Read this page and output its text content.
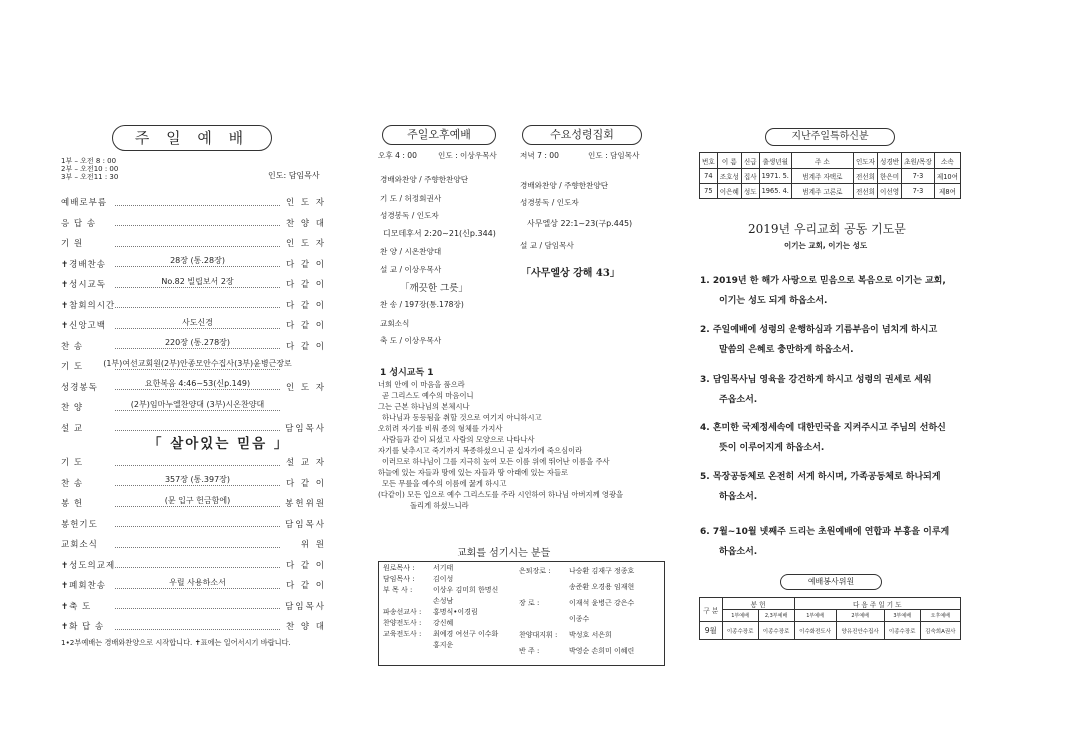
주 일 예 배
1부 – 오전 8 : 00
2부 – 오전10 : 00
3부 – 오전11 : 30	인도: 담임목사
예배로부름	인 도 자
응 답 송	찬 양 대
기 원	인 도 자
✝경배찬송	28장 (통.28장)	다 같 이
✝성시교독	No.82 빌립보서 2장	다 같 이
✝참회의시간	다 같 이
✝신앙고백	사도신경	다 같 이
찬 송	220장 (통.278장)	다 같 이
기 도	(1부)여선교회원(2부)안종모안수집사(3부)윤병근장로
성경봉독	요한복음 4:46~53(신p.149)	인 도 자
찬 양	(2부)임마누엘찬양대 (3부)시온찬양대
설 교	담임목사
「 살아있는 믿음 」
기 도	설 교 자
찬 송	357장 (통.397장)	다 같 이
봉 헌	(문 입구 헌금함에)	봉헌위원
봉헌기도	담임목사
교회소식	위 원
✝성도의교제	다 같 이
✝폐회찬송	우릴 사용하소서	다 같 이
✝축 도	담임목사
✝화 답 송	찬 양 대
1•2부예배는 경배와찬양으로 시작합니다. ✝표에는 일어서시기 바랍니다.
주일오후예배	수요성령집회
오후 4 : 00	인도 : 이상우목사	저녁 7 : 00	인도 : 담임목사
경배와찬양 / 주향한찬양단
기 도 / 허정회권사
성경봉독 / 인도자
디모데후서 2:20~21(신p.344)
찬 양 / 시온찬양대
설 교 / 이상우목사
「깨끗한 그릇」
찬 송 / 197장(통.178장)
교회소식
축 도 / 이상우목사
경배와찬양 / 주향한찬양단
성경봉독 / 인도자
사무엘상 22:1~23(구p.445)
설 교 / 담임목사
「사무엘상 강해 43」
1 성시교독 1
너희 안에 이 마음을 품으라
곧 그리스도 예수의 마음이니
그는 근본 하나님의 본체시나
하나님과 동등됨을 취할 것으로 여기지 아니하시고
오히려 자기를 비워 종의 형체를 가지사
사람들과 같이 되셨고 사람의 모양으로 나타나사
자기를 낮추시고 죽기까지 복종하셨으니 곧 십자가에 죽으심이라
이러므로 하나님이 그를 지극히 높여 모든 이름 위에 뛰어난 이름을 주사
하늘에 있는 자들과 땅에 있는 자들과 땅 아래에 있는 자들로
모든 무릎을 예수의 이름에 꿇게 하시고
(다같이) 모든 입으로 예수 그리스도를 주라 시인하여 하나님 아버지께 영광을
돌리게 하셨느니라
교회를 섬기시는 분들
원로목사 :	서기태
담임목사 :	김이성
부 목 사 :	이상우 김미희 한명신
손성남
파송선교사 : 홍명식•이경림
찬양전도사 : 강신혜
교육전도사 : 최예경 여선구 이수화
홍지운
은퇴장로 :	나승환 김재구 정종호
송준환 오경용 임재현
장 로 :	이재석 윤병근 강은수
이종수
찬양대지휘 : 박성호 서은희
반 주 :	박영순 손희미 이혜린
지난주일특하신분
번호	이 름	신급	출생년월	주 소	인도자	성경반	초원/목장	소속
74	조호성	집사	1971. 5.	범계주 자택로	전선희	한은미	7-3	제10여
75	이은혜	성도	1965. 4.	범계주 고론로	전선희	이선영	7-3	제8여
2019년 우리교회 공동 기도문
이기는 교회, 이기는 성도
1. 2019년 한 해가 사랑으로 믿음으로 복음으로 이기는 교회,
이기는 성도 되게 하옵소서.
2. 주일예배에 성령의 운행하심과 기름부음이 넘치게 하시고
말씀의 은혜로 충만하게 하옵소서.
3. 담임목사님 영육을 강건하게 하시고 성령의 권세로 세워
주옵소서.
4. 혼미한 국제정세속에 대한민국을 지켜주시고 주님의 선하신
뜻이 이루어지게 하옵소서.
5. 목장공동체로 온전히 서게 하시며, 가족공동체로 하나되게
하옵소서.
6. 7월~10월 넷째주 드리는 초원예배에 연합과 부흥을 이루게
하옵소서.
예배봉사위원
구 분	봉 헌		다 음 주 일 기 도			
	1부예배	2,3부예배	1부예배	2부예배	3부예배	오후예배
9월	이종수장로	이종수장로	이수화전도사	양유진안수집사	이종수장로	김숙희A권사
